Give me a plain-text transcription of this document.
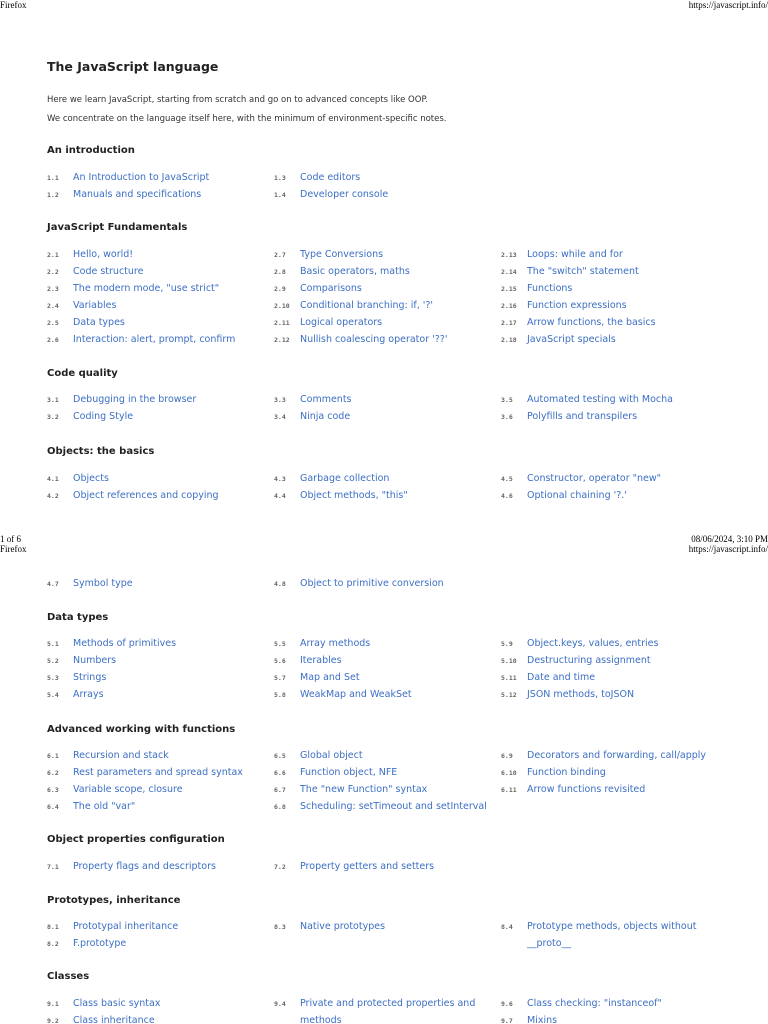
Firefox	https://javascript.info/
The JavaScript language
Here we learn JavaScript, starting from scratch and go on to advanced concepts like OOP.
We concentrate on the language itself here, with the minimum of environment-specific notes.
An introduction
1.1	An Introduction to JavaScript
1.2	Manuals and specifications
1.3	Code editors
1.4	Developer console
JavaScript Fundamentals
2.1	Hello, world!
2.2	Code structure
2.3	The modern mode, "use strict"
2.4	Variables
2.5	Data types
2.6	Interaction: alert, prompt, confirm
2.7	Type Conversions
2.8	Basic operators, maths
2.9	Comparisons
2.10	Conditional branching: if, '?'
2.11	Logical operators
2.12	Nullish coalescing operator '??'
2.13	Loops: while and for
2.14	The "switch" statement
2.15	Functions
2.16	Function expressions
2.17	Arrow functions, the basics
2.18	JavaScript specials
Code quality
3.1	Debugging in the browser
3.2	Coding Style
3.3	Comments
3.4	Ninja code
3.5	Automated testing with Mocha
3.6	Polyfills and transpilers
Objects: the basics
4.1	Objects
4.2	Object references and copying
4.3	Garbage collection
4.4	Object methods, "this"
4.5	Constructor, operator "new"
4.6	Optional chaining '?.'
1 of 6	08/06/2024, 3:10 PM
Firefox	https://javascript.info/
4.7	Symbol type	4.8	Object to primitive conversion
Data types
5.1	Methods of primitives
5.2	Numbers
5.3	Strings
5.4	Arrays
5.5	Array methods
5.6	Iterables
5.7	Map and Set
5.8	WeakMap and WeakSet
5.9	Object.keys, values, entries
5.10	Destructuring assignment
5.11	Date and time
5.12	JSON methods, toJSON
Advanced working with functions
6.1	Recursion and stack
6.2	Rest parameters and spread syntax
6.3	Variable scope, closure
6.4	The old "var"
6.5	Global object
6.6	Function object, NFE
6.7	The "new Function" syntax
6.8	Scheduling: setTimeout and setInterval
6.9	Decorators and forwarding, call/apply
6.10	Function binding
6.11	Arrow functions revisited
Object properties configuration
7.1	Property flags and descriptors	7.2	Property getters and setters
Prototypes, inheritance
8.1	Prototypal inheritance
8.2	F.prototype
8.3	Native prototypes	8.4	Prototype methods, objects without __proto__
Classes
9.1	Class basic syntax
9.2	Class inheritance
9.4	Private and protected properties and methods
9.6	Class checking: "instanceof"
9.7	Mixins
